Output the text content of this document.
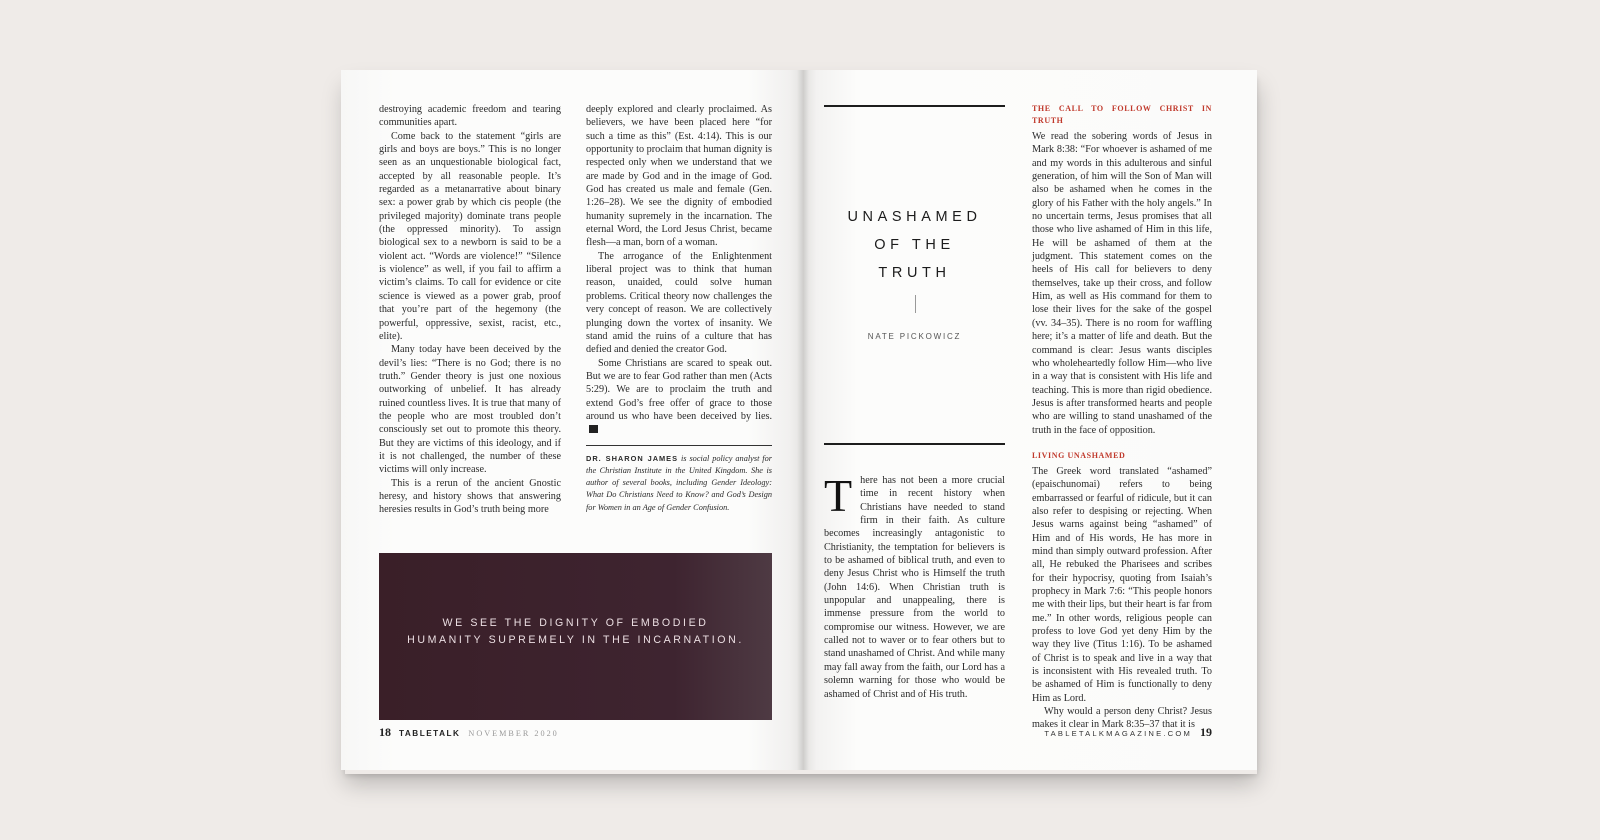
destroying academic freedom and tearing communities apart.

Come back to the statement “girls are girls and boys are boys.” This is no longer seen as an unquestionable biological fact, accepted by all reasonable people. It’s regarded as a metanarrative about binary sex: a power grab by which cis people (the privileged majority) dominate trans people (the oppressed minority). To assign biological sex to a newborn is said to be a violent act. “Words are violence!” “Silence is violence” as well, if you fail to affirm a victim’s claims. To call for evidence or cite science is viewed as a power grab, proof that you’re part of the hegemony (the powerful, oppressive, sexist, racist, etc., elite).

Many today have been deceived by the devil’s lies: “There is no God; there is no truth.” Gender theory is just one noxious outworking of unbelief. It has already ruined countless lives. It is true that many of the people who are most troubled don’t consciously set out to promote this theory. But they are victims of this ideology, and if it is not challenged, the number of these victims will only increase.

This is a rerun of the ancient Gnostic heresy, and history shows that answering heresies results in God’s truth being more

deeply explored and clearly proclaimed. As believers, we have been placed here “for such a time as this” (Est. 4:14). This is our opportunity to proclaim that human dignity is respected only when we understand that we are made by God and in the image of God. God has created us male and female (Gen. 1:26–28). We see the dignity of embodied humanity supremely in the incarnation. The eternal Word, the Lord Jesus Christ, became flesh—a man, born of a woman.

The arrogance of the Enlightenment liberal project was to think that human reason, unaided, could solve human problems. Critical theory now challenges the very concept of reason. We are collectively plunging down the vortex of insanity. We stand amid the ruins of a culture that has defied and denied the creator God.

Some Christians are scared to speak out. But we are to fear God rather than men (Acts 5:29). We are to proclaim the truth and extend God’s free offer of grace to those around us who have been deceived by lies.

DR. SHARON JAMES is social policy analyst for the Christian Institute in the United Kingdom. She is author of several books, including Gender Ideology: What Do Christians Need to Know? and God’s Design for Women in an Age of Gender Confusion.
WE SEE THE DIGNITY OF EMBODIED HUMANITY SUPREMELY IN THE INCARNATION.
18 TABLETALK NOVEMBER 2020
UNASHAMED
OF THE
TRUTH
NATE PICKOWICZ
There has not been a more crucial time in recent history when Christians have needed to stand firm in their faith. As culture becomes increasingly antagonistic to Christianity, the temptation for believers is to be ashamed of biblical truth, and even to deny Jesus Christ who is Himself the truth (John 14:6). When Christian truth is unpopular and unappealing, there is immense pressure from the world to compromise our witness. However, we are called not to waver or to fear others but to stand unashamed of Christ. And while many may fall away from the faith, our Lord has a solemn warning for those who would be ashamed of Christ and of His truth.
THE CALL TO FOLLOW CHRIST IN TRUTH

We read the sobering words of Jesus in Mark 8:38: “For whoever is ashamed of me and my words in this adulterous and sinful generation, of him will the Son of Man will also be ashamed when he comes in the glory of his Father with the holy angels.” In no uncertain terms, Jesus promises that all those who live ashamed of Him in this life, He will be ashamed of them at the judgment. This statement comes on the heels of His call for believers to deny themselves, take up their cross, and follow Him, as well as His command for them to lose their lives for the sake of the gospel (vv. 34–35). There is no room for waffling here; it’s a matter of life and death. But the command is clear: Jesus wants disciples who wholeheartedly follow Him—who live in a way that is consistent with His life and teaching. This is more than rigid obedience. Jesus is after transformed hearts and people who are willing to stand unashamed of the truth in the face of opposition.

LIVING UNASHAMED

The Greek word translated “ashamed” (epaischunomai) refers to being embarrassed or fearful of ridicule, but it can also refer to despising or rejecting. When Jesus warns against being “ashamed” of Him and of His words, He has more in mind than simply outward profession. After all, He rebuked the Pharisees and scribes for their hypocrisy, quoting from Isaiah’s prophecy in Mark 7:6: “This people honors me with their lips, but their heart is far from me.” In other words, religious people can profess to love God yet deny Him by the way they live (Titus 1:16). To be ashamed of Christ is to speak and live in a way that is inconsistent with His revealed truth. To be ashamed of Him is functionally to deny Him as Lord.

Why would a person deny Christ? Jesus makes it clear in Mark 8:35–37 that it is

TABLETALKMAGAZINE.COM 19
